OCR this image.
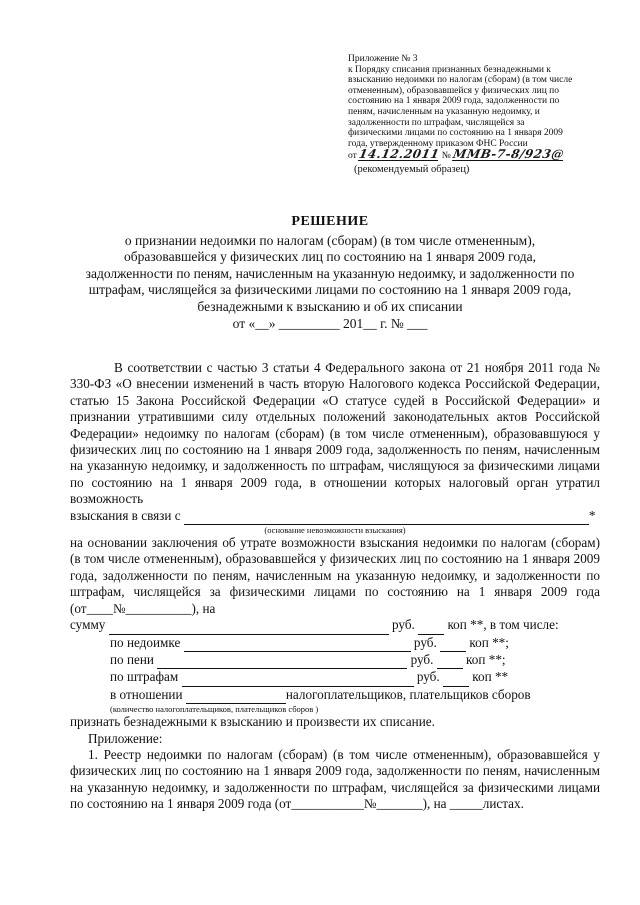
Приложение № 3
к Порядку списания признанных безнадежными к
взысканию недоимки по налогам (сборам) (в том числе
отмененным), образовавшейся у физических лиц по
состоянию на 1 января 2009 года, задолженности по
пеням, начисленным на указанную недоимку, и
задолженности по штрафам, числящейся за
физическими лицами по состоянию на 1 января 2009
года, утвержденному приказом ФНС России
от 14.12.2011 № ММВ-7-8/923@
(рекомендуемый образец)
РЕШЕНИЕ
о признании недоимки по налогам (сборам) (в том числе отмененным),
образовавшейся у физических лиц по состоянию на 1 января 2009 года,
задолженности по пеням, начисленным на указанную недоимку, и задолженности по
штрафам, числящейся за физическими лицами по состоянию на 1 января 2009 года,
безнадежными к взысканию и об их списании
от «__» _________ 201__ г. № ___

В соответствии с частью 3 статьи 4 Федерального закона от 21 ноября 2011 года № 330-ФЗ «О внесении изменений в часть вторую Налогового кодекса Российской Федерации, статью 15 Закона Российской Федерации «О статусе судей в Российской Федерации» и признании утратившими силу отдельных положений законодательных актов Российской Федерации» недоимку по налогам (сборам) (в том числе отмененным), образовавшуюся у физических лиц по состоянию на 1 января 2009 года, задолженность по пеням, начисленным на указанную недоимку, и задолженность по штрафам, числящуюся за физическими лицами по состоянию на 1 января 2009 года, в отношении которых налоговый орган утратил возможность

взыскания в связи с	*

(основание невозможности взыскания)

на основании заключения об утрате возможности взыскания недоимки по налогам (сборам) (в том числе отмененным), образовавшейся у физических лиц по состоянию на 1 января 2009 года, задолженности по пеням, начисленным на указанную недоимку, и задолженности по штрафам, числящейся за физическими лицами по состоянию на 1 января 2009 года (от____№__________), на

сумму	руб. коп **, в том числе:
по недоимке	руб. коп **;
по пени	руб. коп **;
по штрафам	руб. коп **
в отношении	налогоплательщиков, плательщиков сборов
(количество налогоплательщиков, плательщиков сборов )

признать безнадежными к взысканию и произвести их списание.

Приложение:

1. Реестр недоимки по налогам (сборам) (в том числе отмененным), образовавшейся у физических лиц по состоянию на 1 января 2009 года, задолженности по пеням, начисленным на указанную недоимку, и задолженности по штрафам, числящейся за физическими лицами по состоянию на 1 января 2009 года (от___________№_______), на _____листах.
